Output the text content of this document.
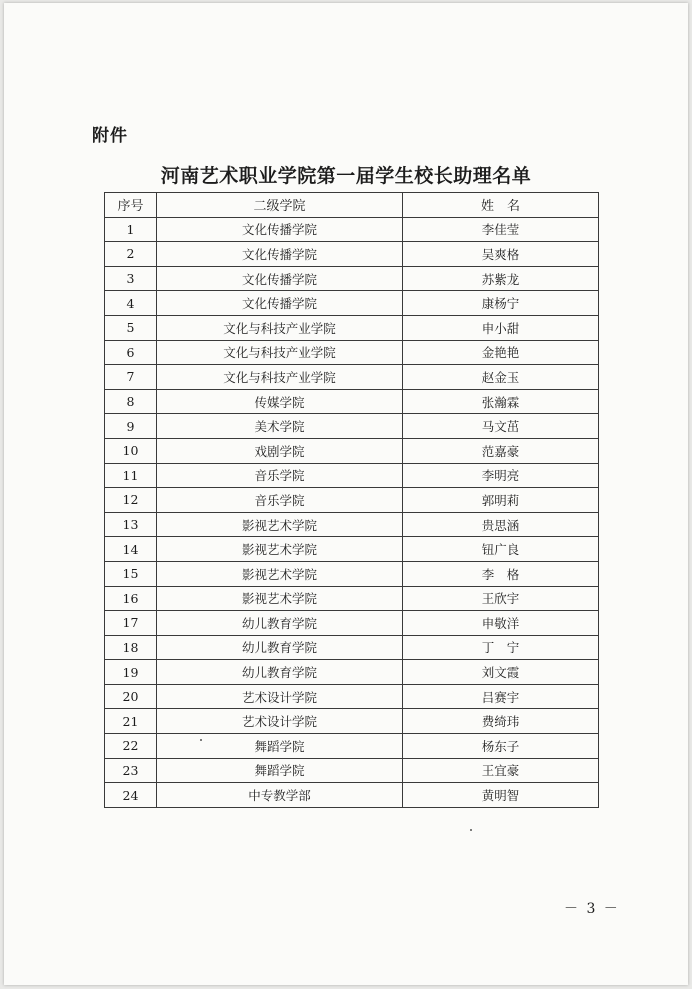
附件
河南艺术职业学院第一届学生校长助理名单
序号	二级学院	姓　名
1	文化传播学院	李佳莹
2	文化传播学院	吴爽格
3	文化传播学院	苏紫龙
4	文化传播学院	康杨宁
5	文化与科技产业学院	申小甜
6	文化与科技产业学院	金艳艳
7	文化与科技产业学院	赵金玉
8	传媒学院	张瀚霖
9	美术学院	马文茁
10	戏剧学院	范嘉豪
11	音乐学院	李明亮
12	音乐学院	郭明莉
13	影视艺术学院	贵思涵
14	影视艺术学院	钮广良
15	影视艺术学院	李　格
16	影视艺术学院	王欣宇
17	幼儿教育学院	申敬洋
18	幼儿教育学院	丁　宁
19	幼儿教育学院	刘文霞
20	艺术设计学院	吕赛宇
21	艺术设计学院	费绮玮
22	舞蹈学院	杨东子
23	舞蹈学院	王宜豪
24	中专教学部	黄明智
－ 3 －
